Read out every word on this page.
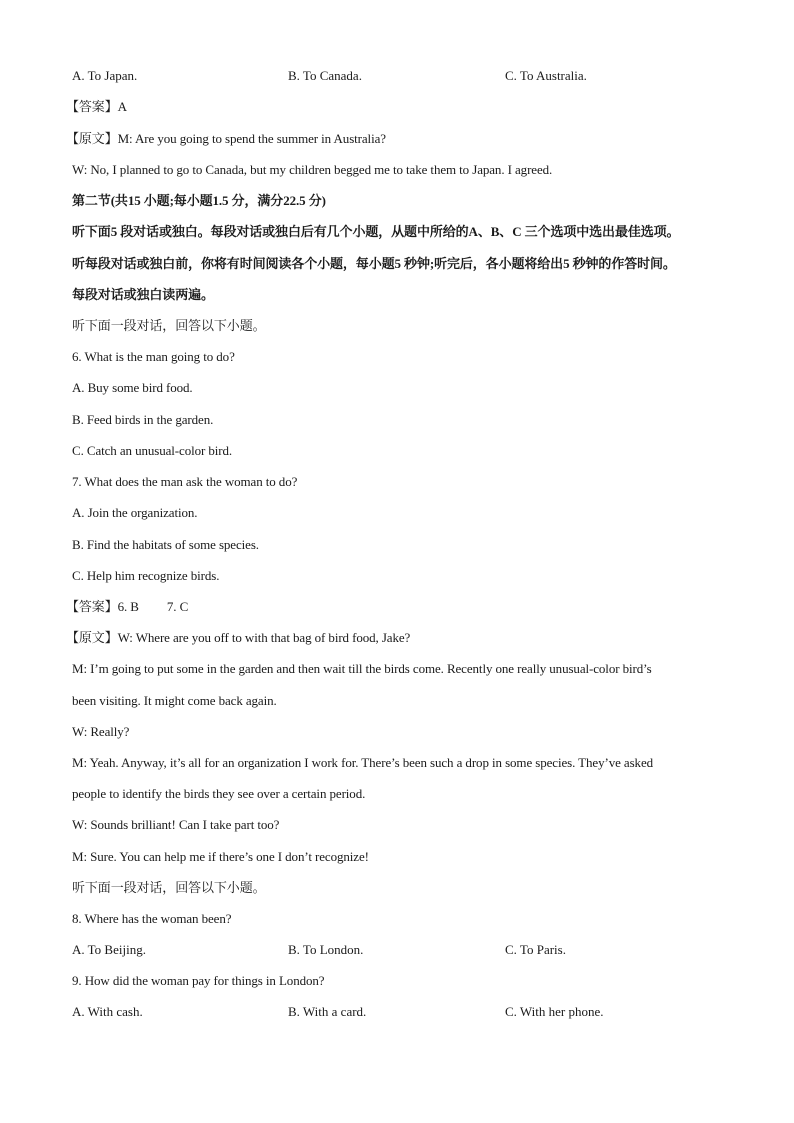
A. To Japan.	B. To Canada.	C. To Australia.
【答案】A
【原文】M: Are you going to spend the summer in Australia?
W: No, I planned to go to Canada, but my children begged me to take them to Japan. I agreed.
第二节(共15 小题;每小题1.5 分，满分22.5 分)
听下面5 段对话或独白。每段对话或独白后有几个小题，从题中所给的A、B、C 三个选项中选出最佳选项。
听每段对话或独白前，你将有时间阅读各个小题，每小题5 秒钟;听完后，各小题将给出5 秒钟的作答时间。
每段对话或独白读两遍。
听下面一段对话，回答以下小题。
6. What is the man going to do?
A. Buy some bird food.
B. Feed birds in the garden.
C. Catch an unusual-color bird.
7. What does the man ask the woman to do?
A. Join the organization.
B. Find the habitats of some species.
C. Help him recognize birds.
【答案】6. B 7. C
【原文】W: Where are you off to with that bag of bird food, Jake?
M: I’m going to put some in the garden and then wait till the birds come. Recently one really unusual-color bird’s
been visiting. It might come back again.
W: Really?
M: Yeah. Anyway, it’s all for an organization I work for. There’s been such a drop in some species. They’ve asked
people to identify the birds they see over a certain period.
W: Sounds brilliant! Can I take part too?
M: Sure. You can help me if there’s one I don’t recognize!
听下面一段对话，回答以下小题。
8. Where has the woman been?
A. To Beijing.	B. To London.	C. To Paris.
9. How did the woman pay for things in London?
A. With cash.	B. With a card.	C. With her phone.
